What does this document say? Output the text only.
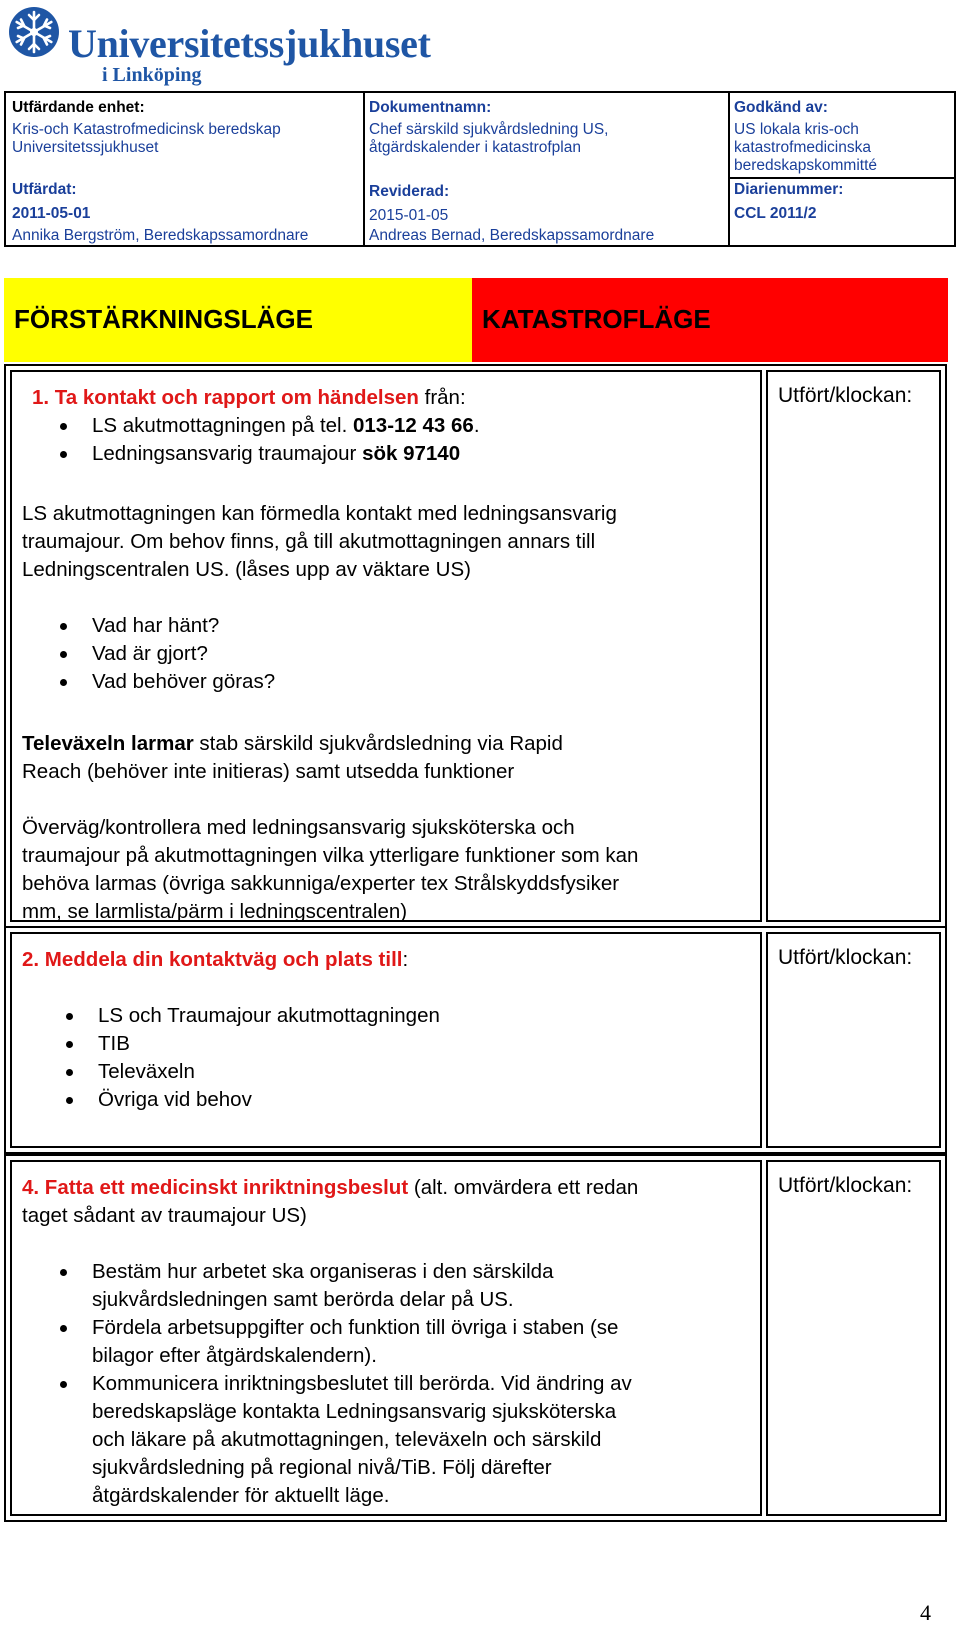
Universitetssjukhuset
i Linköping
Utfärdande enhet:
Kris-och Katastrofmedicinsk beredskap
Universitetssjukhuset
Utfärdat:
2011-05-01
Annika Bergström, Beredskapssamordnare
Dokumentnamn:
Chef särskild sjukvårdsledning US,
åtgärdskalender i katastrofplan
Reviderad:
2015-01-05
Andreas Bernad, Beredskapssamordnare
Godkänd av:
US lokala kris-och
katastrofmedicinska
beredskapskommitté
Diarienummer:
CCL 2011/2
FÖRSTÄRKNINGSLÄGE	KATASTROFLÄGE
1. Ta kontakt och rapport om händelsen från:
LS akutmottagningen på tel. 013-12 43 66.
Ledningsansvarig traumajour sök 97140
LS akutmottagningen kan förmedla kontakt med ledningsansvarig
traumajour. Om behov finns, gå till akutmottagningen annars till
Ledningscentralen US. (låses upp av väktare US)
Vad har hänt?
Vad är gjort?
Vad behöver göras?
Televäxeln larmar stab särskild sjukvårdsledning via Rapid
Reach (behöver inte initieras) samt utsedda funktioner
Överväg/kontrollera med ledningsansvarig sjuksköterska och
traumajour på akutmottagningen vilka ytterligare funktioner som kan
behöva larmas (övriga sakkunniga/experter tex Strålskyddsfysiker
mm, se larmlista/pärm i ledningscentralen)
Utfört/klockan:
2. Meddela din kontaktväg och plats till:
LS och Traumajour akutmottagningen
TIB
Televäxeln
Övriga vid behov
Utfört/klockan:
4. Fatta ett medicinskt inriktningsbeslut (alt. omvärdera ett redan
taget sådant av traumajour US)
Bestäm hur arbetet ska organiseras i den särskilda
sjukvårdsledningen samt berörda delar på US.
Fördela arbetsuppgifter och funktion till övriga i staben (se
bilagor efter åtgärdskalendern).
Kommunicera inriktningsbeslutet till berörda. Vid ändring av
beredskapsläge kontakta Ledningsansvarig sjuksköterska
och läkare på akutmottagningen, televäxeln och särskild
sjukvårdsledning på regional nivå/TiB. Följ därefter
åtgärdskalender för aktuellt läge.
Utfört/klockan:
4
